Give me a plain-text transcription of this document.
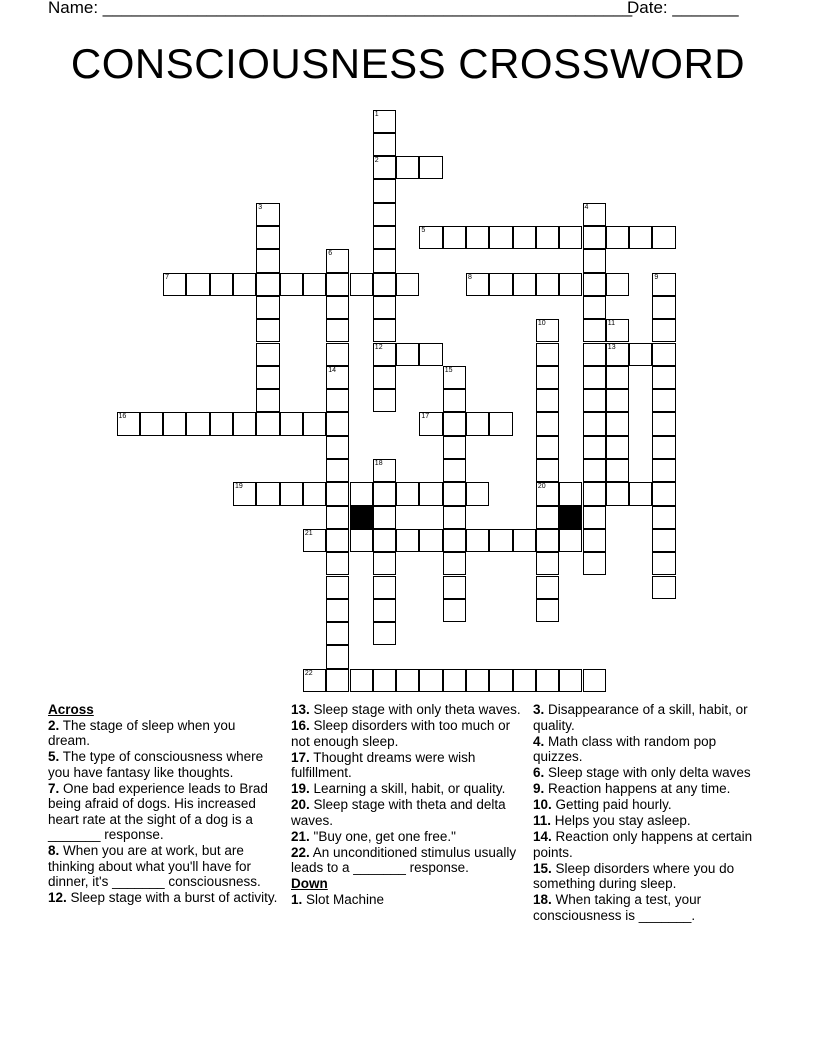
Name: ________________________________________________________
Date: _______
CONSCIOUSNESS CROSSWORD
1
2
12
3	4
5
6
7	8	9
10
20
11
13
14	15
16	17
18
19
21
22
Across
2. The stage of sleep when you dream.
5. The type of consciousness where you have fantasy like thoughts.
7. One bad experience leads to Brad being afraid of dogs. His increased heart rate at the sight of a dog is a _______ response.
8. When you are at work, but are thinking about what you'll have for dinner, it's _______ consciousness.
12. Sleep stage with a burst of activity.
13. Sleep stage with only theta waves.
16. Sleep disorders with too much or not enough sleep.
17. Thought dreams were wish fulfillment.
19. Learning a skill, habit, or quality.
20. Sleep stage with theta and delta waves.
21. "Buy one, get one free."
22. An unconditioned stimulus usually leads to a _______ response.
Down
1. Slot Machine
3. Disappearance of a skill, habit, or quality.
4. Math class with random pop quizzes.
6. Sleep stage with only delta waves
9. Reaction happens at any time.
10. Getting paid hourly.
11. Helps you stay asleep.
14. Reaction only happens at certain points.
15. Sleep disorders where you do something during sleep.
18. When taking a test, your consciousness is _______.
